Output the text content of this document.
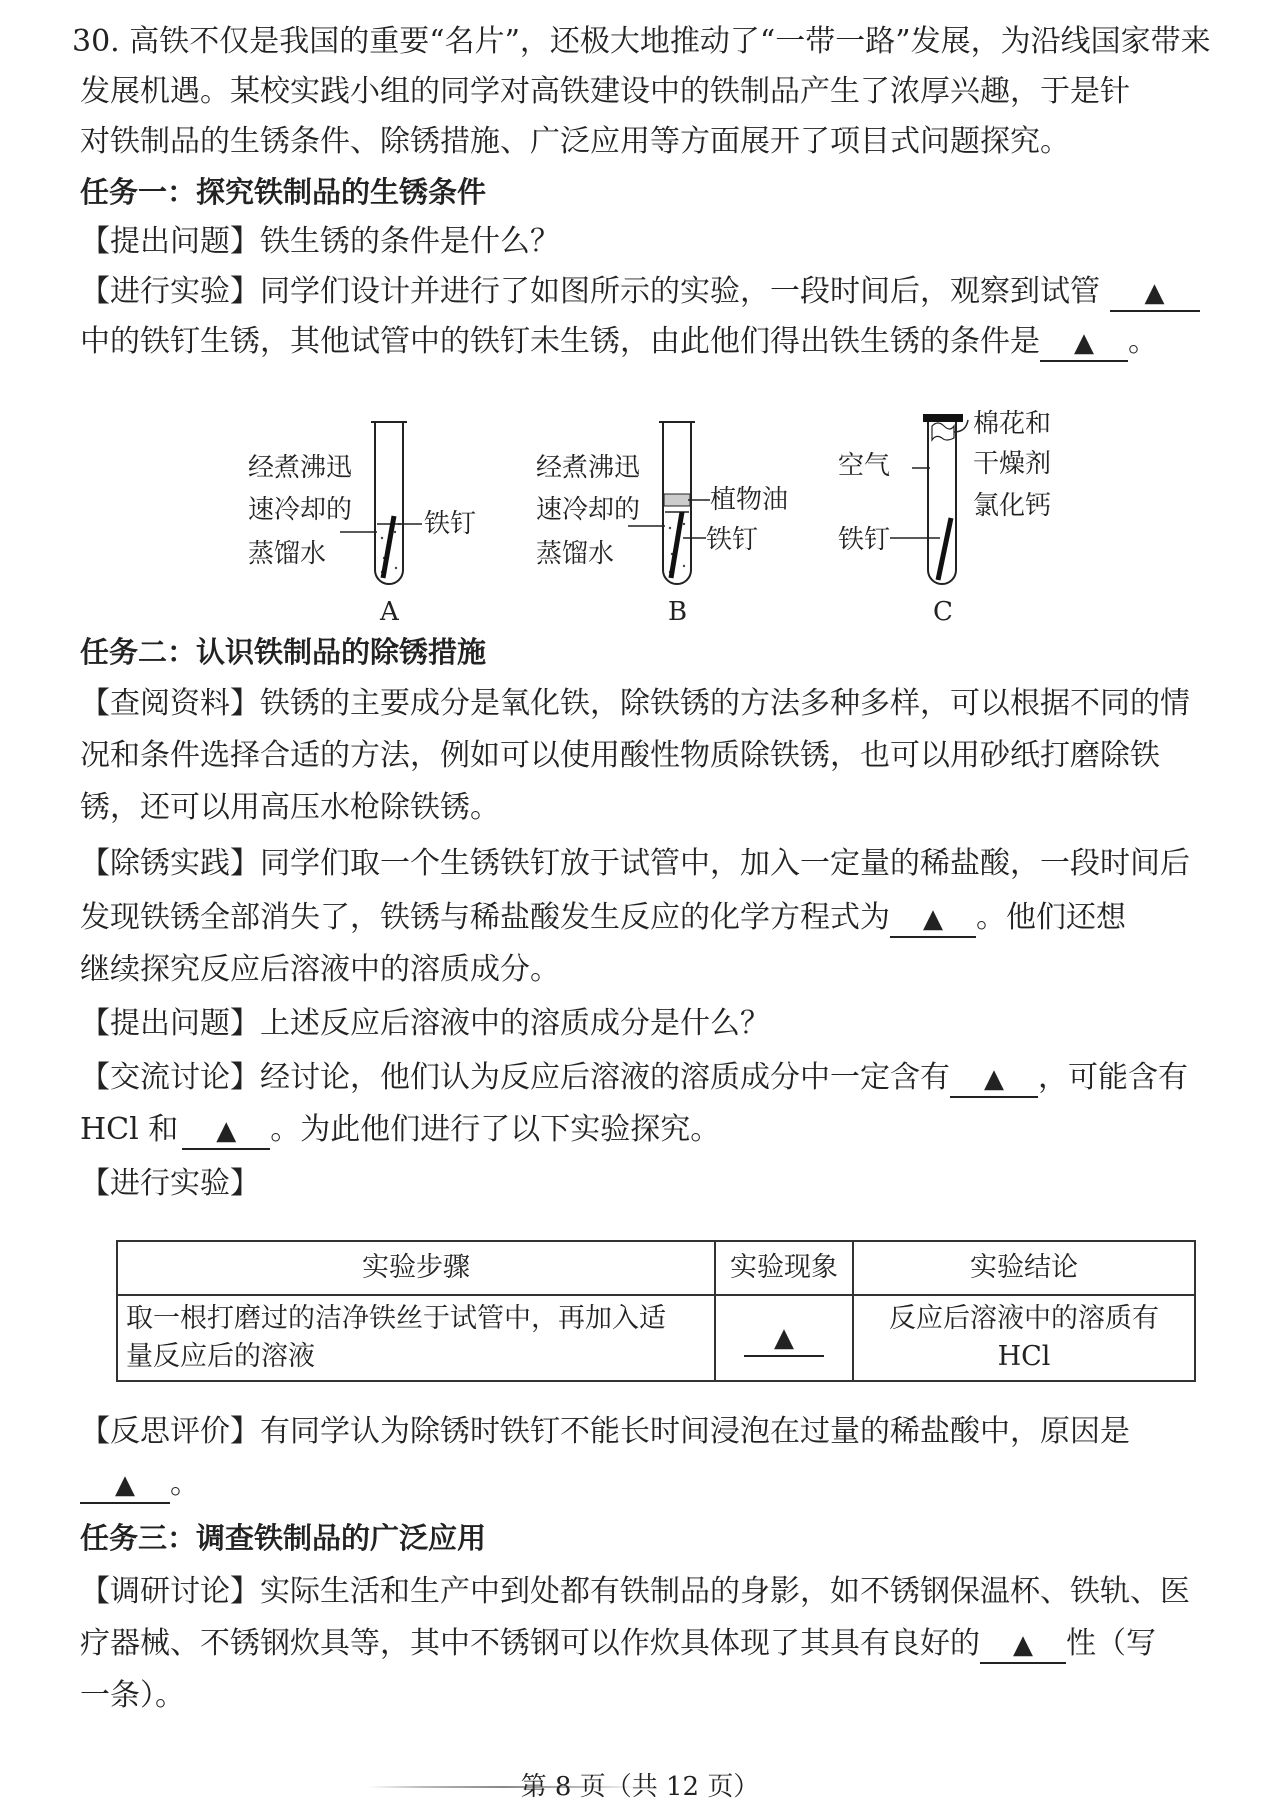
30. 高铁不仅是我国的重要“名片”，还极大地推动了“一带一路”发展，为沿线国家带来
发展机遇。某校实践小组的同学对高铁建设中的铁制品产生了浓厚兴趣，于是针
对铁制品的生锈条件、除锈措施、广泛应用等方面展开了项目式问题探究。
任务一：探究铁制品的生锈条件
【提出问题】铁生锈的条件是什么？
【进行实验】同学们设计并进行了如图所示的实验，一段时间后，观察到试管 ▲
中的铁钉生锈，其他试管中的铁钉未生锈，由此他们得出铁生锈的条件是 ▲ 。
经煮沸迅
速冷却的
蒸馏水
铁钉
A
经煮沸迅
速冷却的
蒸馏水
植物油
铁钉
B
空气
铁钉
棉花和
干燥剂
氯化钙
C
任务二：认识铁制品的除锈措施
【查阅资料】铁锈的主要成分是氧化铁，除铁锈的方法多种多样，可以根据不同的情
况和条件选择合适的方法，例如可以使用酸性物质除铁锈，也可以用砂纸打磨除铁
锈，还可以用高压水枪除铁锈。
【除锈实践】同学们取一个生锈铁钉放于试管中，加入一定量的稀盐酸，一段时间后
发现铁锈全部消失了，铁锈与稀盐酸发生反应的化学方程式为 ▲ 。他们还想
继续探究反应后溶液中的溶质成分。
【提出问题】上述反应后溶液中的溶质成分是什么？
【交流讨论】经讨论，他们认为反应后溶液的溶质成分中一定含有 ▲ ，可能含有
HCl 和 ▲ 。为此他们进行了以下实验探究。
【进行实验】
实验步骤	实验现象	实验结论

取一根打磨过的洁净铁丝于试管中，再加入适
量反应后的溶液	▲	反应后溶液中的溶质有 HCl
【反思评价】有同学认为除锈时铁钉不能长时间浸泡在过量的稀盐酸中，原因是
▲ 。
任务三：调查铁制品的广泛应用
【调研讨论】实际生活和生产中到处都有铁制品的身影，如不锈钢保温杯、铁轨、医
疗器械、不锈钢炊具等，其中不锈钢可以作炊具体现了其具有良好的 ▲ 性（写
一条）。
第 8 页（共 12 页）
